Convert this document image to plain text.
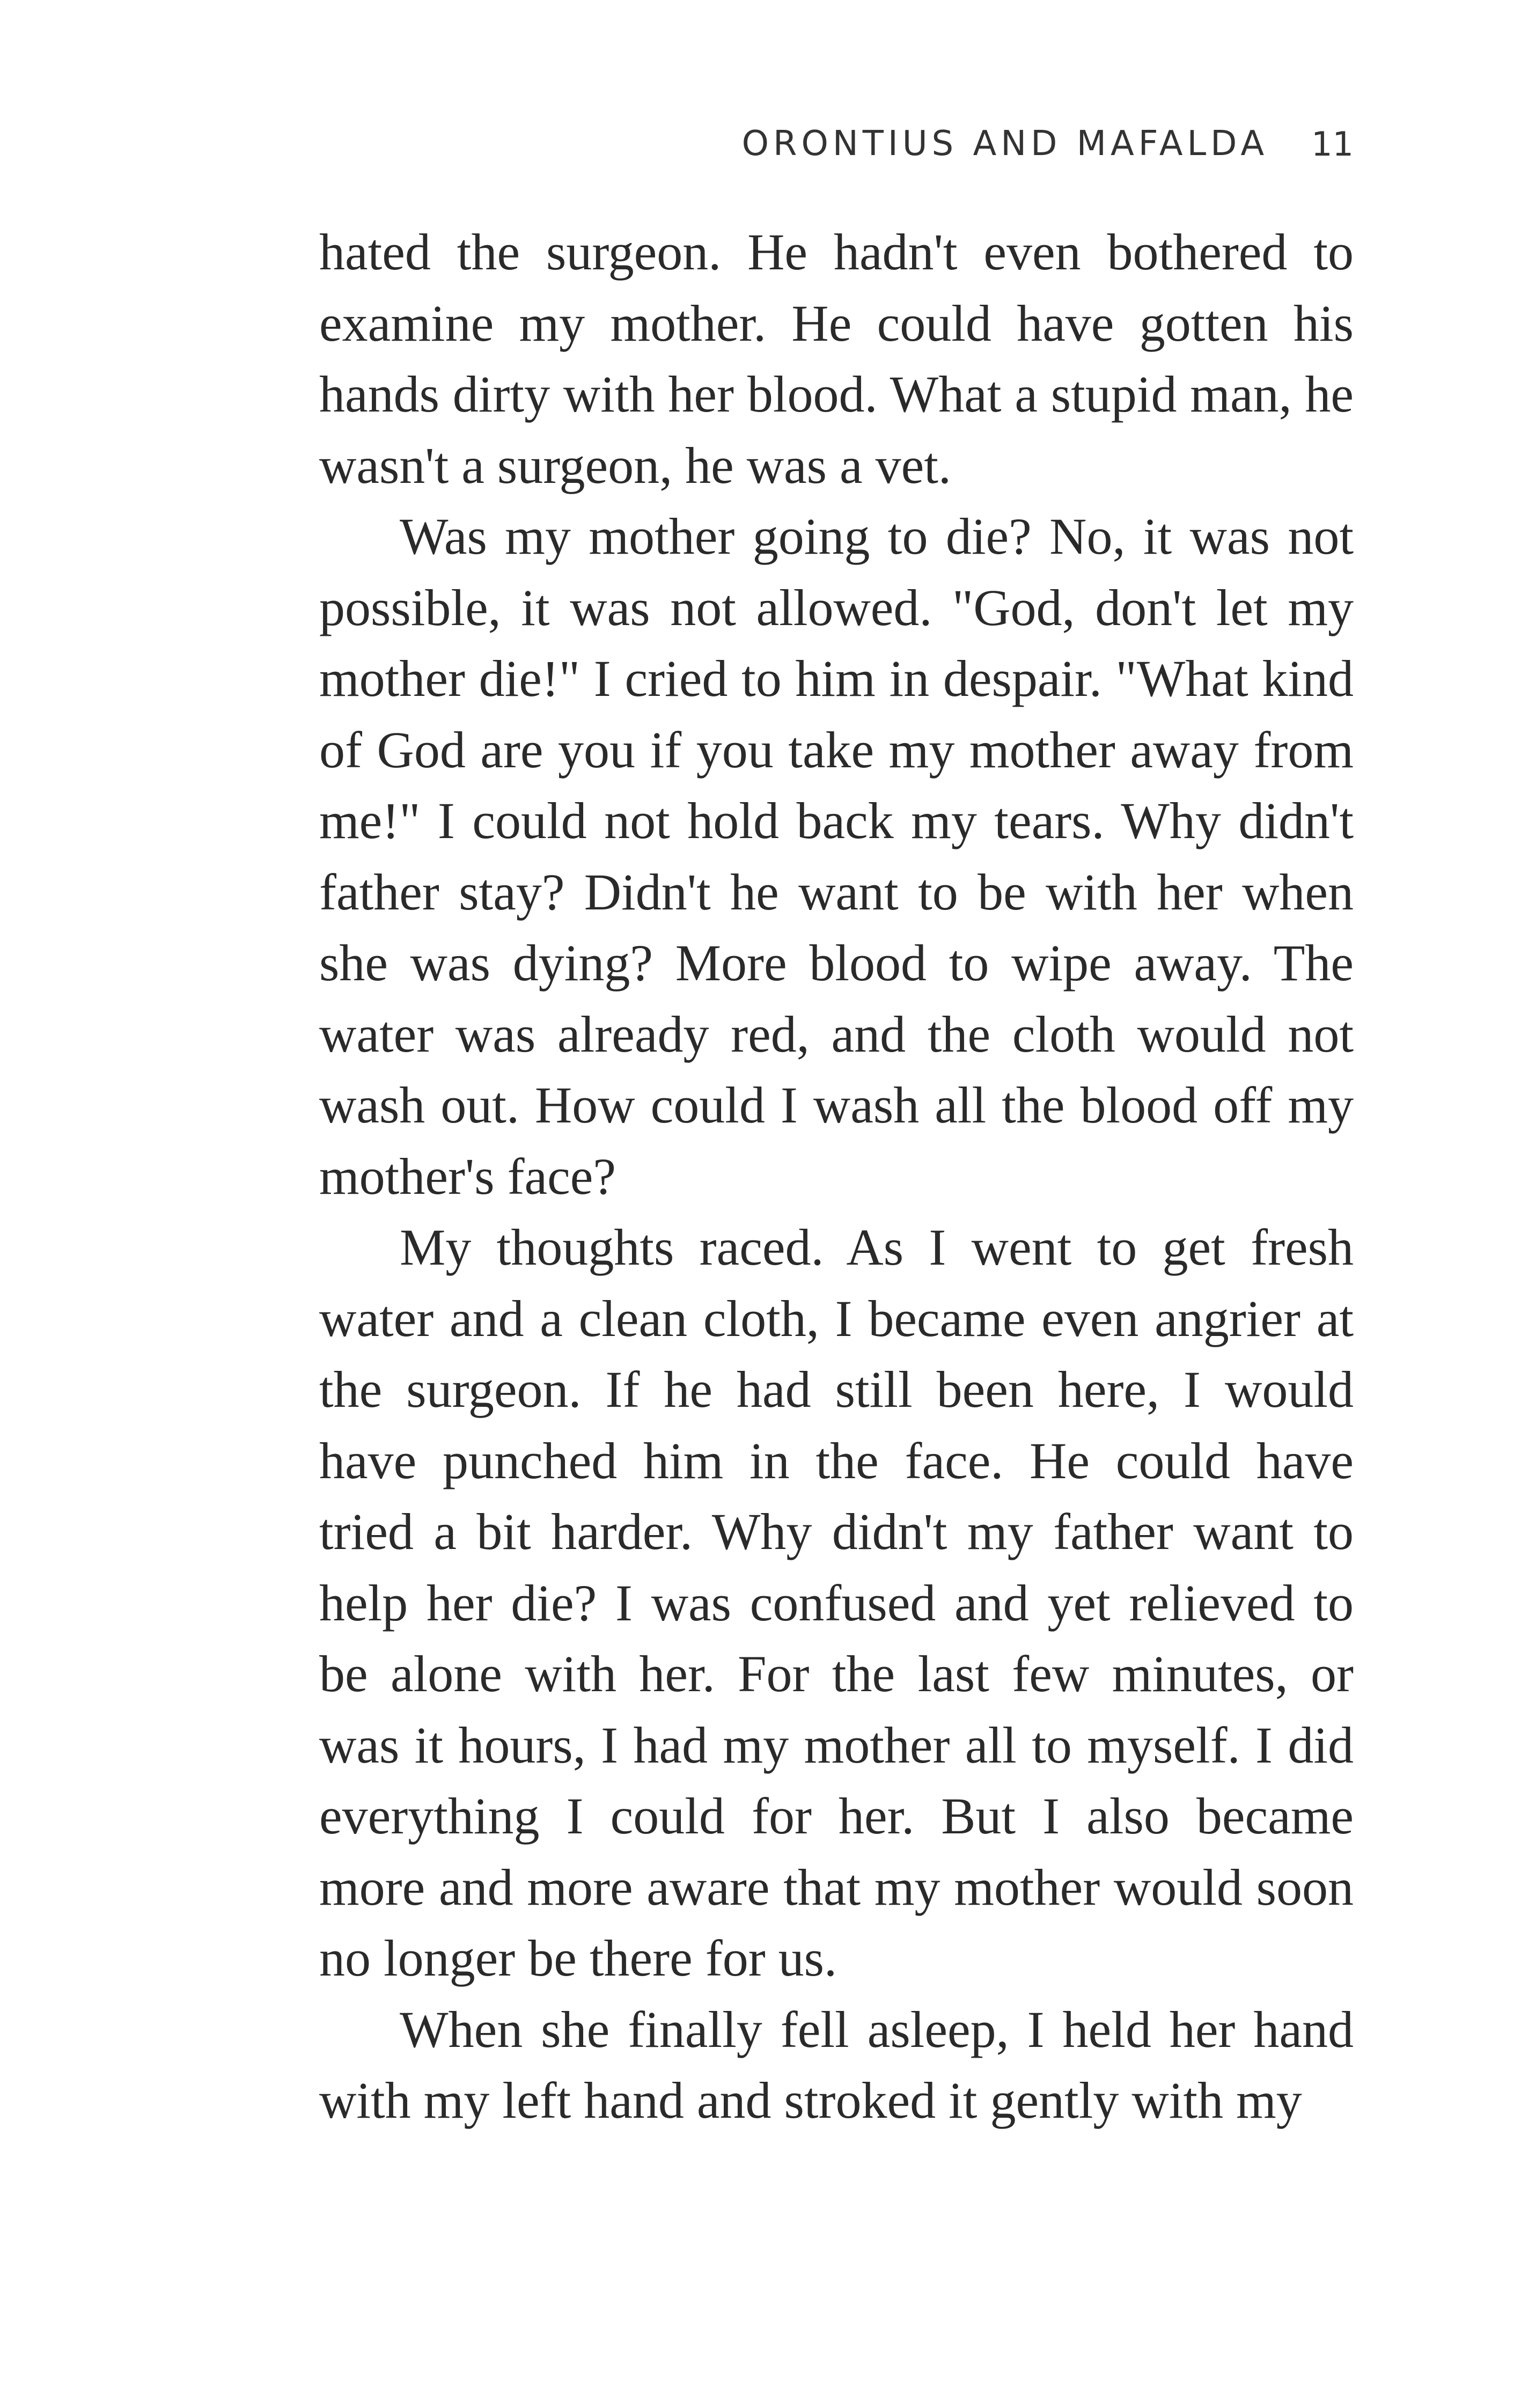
ORONTIUS AND MAFALDA 11

hated the surgeon. He hadn't even bothered to examine my mother. He could have gotten his hands dirty with her blood. What a stupid man, he wasn't a surgeon, he was a vet.

Was my mother going to die? No, it was not possible, it was not allowed. "God, don't let my mother die!" I cried to him in despair. "What kind of God are you if you take my mother away from me!" I could not hold back my tears. Why didn't father stay? Didn't he want to be with her when she was dying? More blood to wipe away. The water was already red, and the cloth would not wash out. How could I wash all the blood off my mother's face?

My thoughts raced. As I went to get fresh water and a clean cloth, I became even angrier at the surgeon. If he had still been here, I would have punched him in the face. He could have tried a bit harder. Why didn't my father want to help her die? I was confused and yet relieved to be alone with her. For the last few minutes, or was it hours, I had my mother all to myself. I did everything I could for her. But I also became more and more aware that my mother would soon no longer be there for us.

When she finally fell asleep, I held her hand with my left hand and stroked it gently with my
